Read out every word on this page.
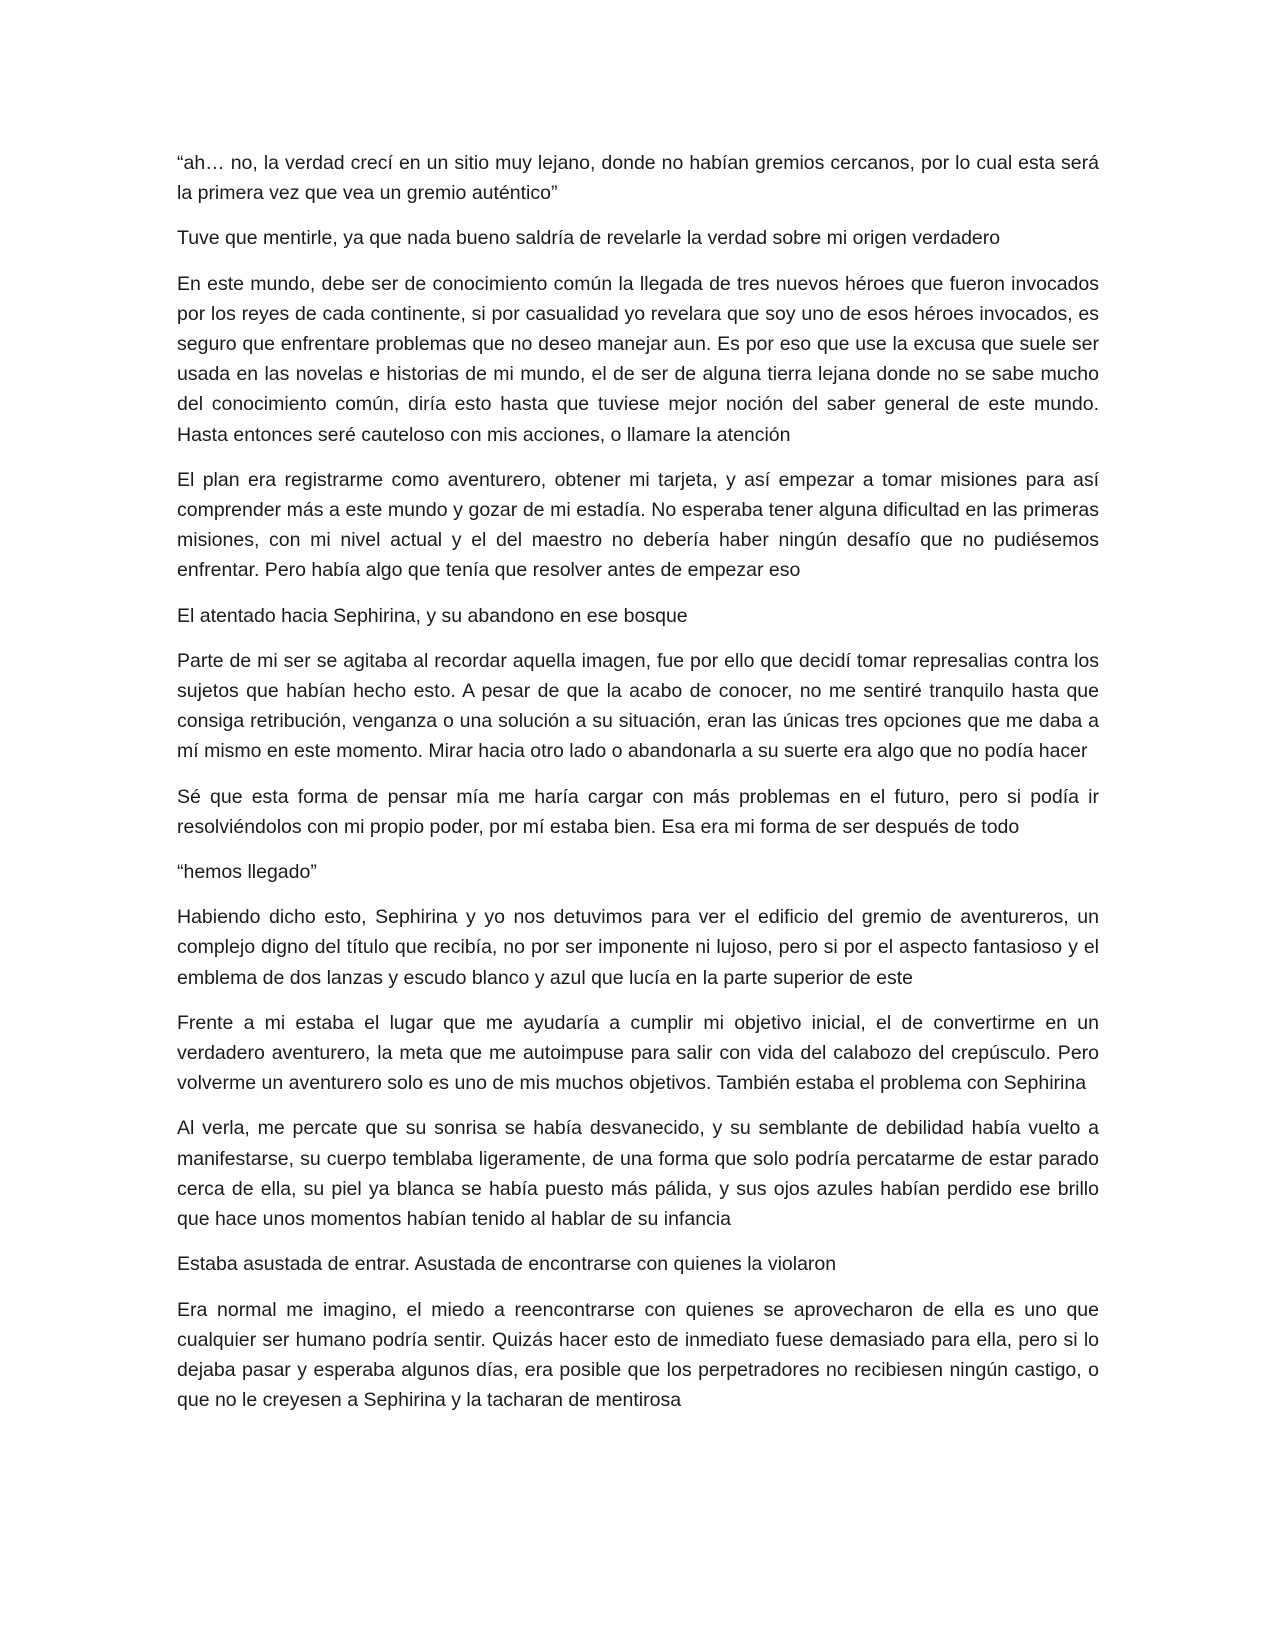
“ah… no, la verdad crecí en un sitio muy lejano, donde no habían gremios cercanos, por lo cual esta será la primera vez que vea un gremio auténtico”

Tuve que mentirle, ya que nada bueno saldría de revelarle la verdad sobre mi origen verdadero

En este mundo, debe ser de conocimiento común la llegada de tres nuevos héroes que fueron invocados por los reyes de cada continente, si por casualidad yo revelara que soy uno de esos héroes invocados, es seguro que enfrentare problemas que no deseo manejar aun. Es por eso que use la excusa que suele ser usada en las novelas e historias de mi mundo, el de ser de alguna tierra lejana donde no se sabe mucho del conocimiento común, diría esto hasta que tuviese mejor noción del saber general de este mundo. Hasta entonces seré cauteloso con mis acciones, o llamare la atención

El plan era registrarme como aventurero, obtener mi tarjeta, y así empezar a tomar misiones para así comprender más a este mundo y gozar de mi estadía. No esperaba tener alguna dificultad en las primeras misiones, con mi nivel actual y el del maestro no debería haber ningún desafío que no pudiésemos enfrentar. Pero había algo que tenía que resolver antes de empezar eso

El atentado hacia Sephirina, y su abandono en ese bosque

Parte de mi ser se agitaba al recordar aquella imagen, fue por ello que decidí tomar represalias contra los sujetos que habían hecho esto. A pesar de que la acabo de conocer, no me sentiré tranquilo hasta que consiga retribución, venganza o una solución a su situación, eran las únicas tres opciones que me daba a mí mismo en este momento. Mirar hacia otro lado o abandonarla a su suerte era algo que no podía hacer

Sé que esta forma de pensar mía me haría cargar con más problemas en el futuro, pero si podía ir resolviéndolos con mi propio poder, por mí estaba bien. Esa era mi forma de ser después de todo

“hemos llegado”

Habiendo dicho esto, Sephirina y yo nos detuvimos para ver el edificio del gremio de aventureros, un complejo digno del título que recibía, no por ser imponente ni lujoso, pero si por el aspecto fantasioso y el emblema de dos lanzas y escudo blanco y azul que lucía en la parte superior de este

Frente a mi estaba el lugar que me ayudaría a cumplir mi objetivo inicial, el de convertirme en un verdadero aventurero, la meta que me autoimpuse para salir con vida del calabozo del crepúsculo. Pero volverme un aventurero solo es uno de mis muchos objetivos. También estaba el problema con Sephirina

Al verla, me percate que su sonrisa se había desvanecido, y su semblante de debilidad había vuelto a manifestarse, su cuerpo temblaba ligeramente, de una forma que solo podría percatarme de estar parado cerca de ella, su piel ya blanca se había puesto más pálida, y sus ojos azules habían perdido ese brillo que hace unos momentos habían tenido al hablar de su infancia

Estaba asustada de entrar. Asustada de encontrarse con quienes la violaron

Era normal me imagino, el miedo a reencontrarse con quienes se aprovecharon de ella es uno que cualquier ser humano podría sentir. Quizás hacer esto de inmediato fuese demasiado para ella, pero si lo dejaba pasar y esperaba algunos días, era posible que los perpetradores no recibiesen ningún castigo, o que no le creyesen a Sephirina y la tacharan de mentirosa
